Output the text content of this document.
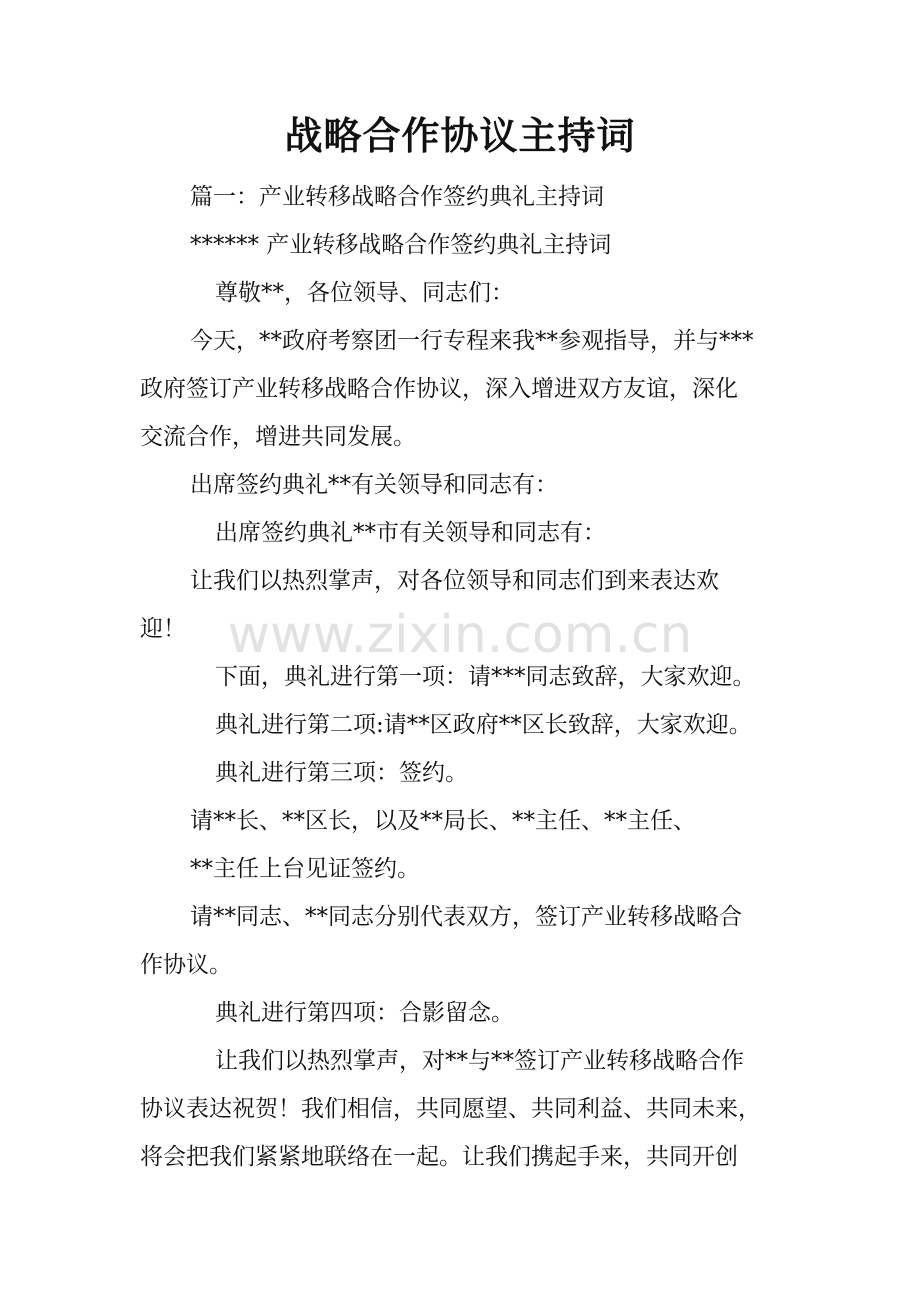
战略合作协议主持词
篇一：产业转移战略合作签约典礼主持词
****** 产业转移战略合作签约典礼主持词
尊敬**，各位领导、同志们：
今天，**政府考察团一行专程来我**参观指导，并与***
政府签订产业转移战略合作协议，深入增进双方友谊，深化
交流合作，增进共同发展。
出席签约典礼**有关领导和同志有：
出席签约典礼**市有关领导和同志有：
让我们以热烈掌声，对各位领导和同志们到来表达欢
迎！
下面，典礼进行第一项：请***同志致辞，大家欢迎。
典礼进行第二项:请**区政府**区长致辞，大家欢迎。
典礼进行第三项：签约。
请**长、**区长，以及**局长、**主任、**主任、
**主任上台见证签约。
请**同志、**同志分别代表双方，签订产业转移战略合
作协议。
典礼进行第四项：合影留念。
让我们以热烈掌声，对**与**签订产业转移战略合作
协议表达祝贺！我们相信，共同愿望、共同利益、共同未来，
将会把我们紧紧地联络在一起。让我们携起手来，共同开创
www.zixin.com.cn
